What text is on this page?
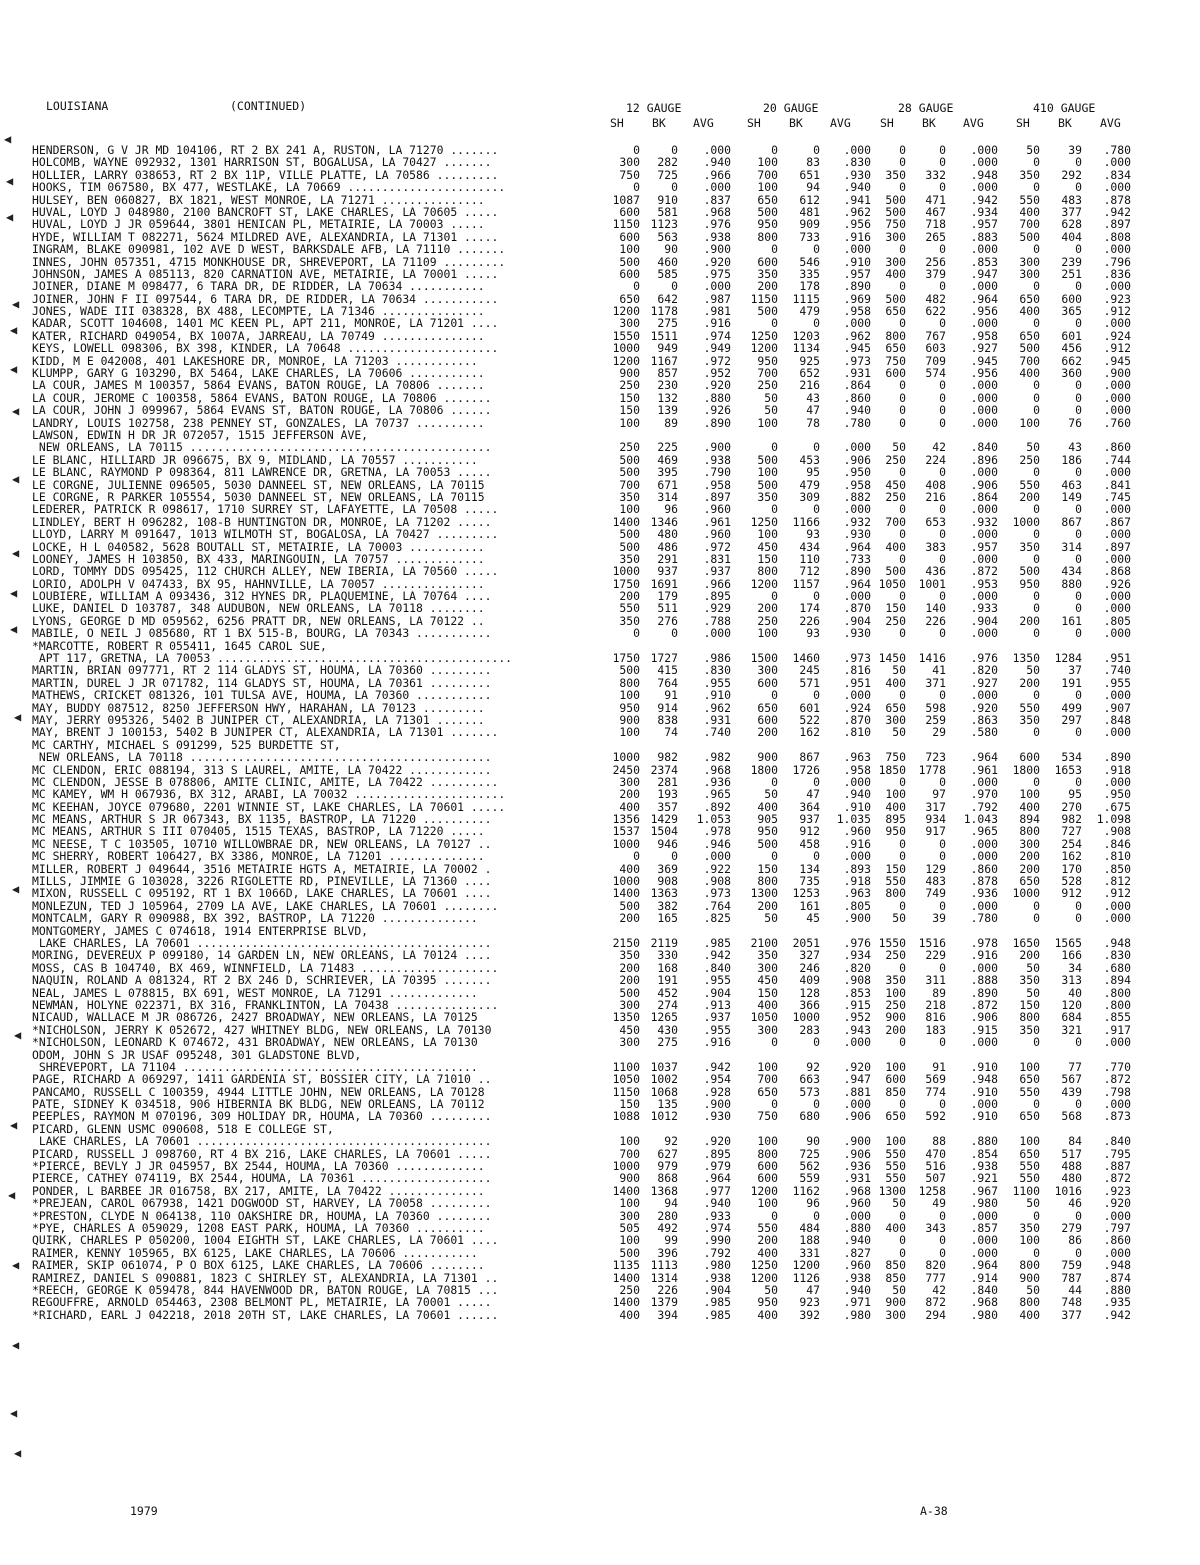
LOUISIANA	(CONTINUED)	12 GAUGE	20 GAUGE	28 GAUGE	410 GAUGE
SH BK AVG	SH BK AVG	SH BK AVG	SH BK AVG
◀
◀
◀
◀
◀
◀
◀
◀
◀
◀
◀
◀
◀
◀
◀
◀
◀
◀
◀
◀
HENDERSON, G V JR MD 104106, RT 2 BX 241 A, RUSTON, LA 71270 .......	0	0	.000	0	0	.000	0	0	.000	50	39	.780
HOLCOMB, WAYNE 092932, 1301 HARRISON ST, BOGALUSA, LA 70427 .......	300	282	.940	100	83	.830	0	0	.000	0	0	.000
HOLLIER, LARRY 038653, RT 2 BX 11P, VILLE PLATTE, LA 70586 .........	750	725	.966	700	651	.930	350	332	.948	350	292	.834
HOOKS, TIM 067580, BX 477, WESTLAKE, LA 70669 .......................	0	0	.000	100	94	.940	0	0	.000	0	0	.000
HULSEY, BEN 060827, BX 1821, WEST MONROE, LA 71271 ...............	1087	910	.837	650	612	.941	500	471	.942	550	483	.878
HUVAL, LOYD J 048980, 2100 BANCROFT ST, LAKE CHARLES, LA 70605 .....	600	581	.968	500	481	.962	500	467	.934	400	377	.942
HUVAL, LOYD J JR 059644, 3801 HENICAN PL, METAIRIE, LA 70003 .....	1150 1123	.976	950	909	.956	750	718	.957	700	628	.897
HYDE, WILLIAM T 082271, 5624 MILDRED AVE, ALEXANDRIA, LA 71301 .....	600	563	.938	800	733	.916	300	265	.883	500	404	.808
INGRAM, BLAKE 090981, 102 AVE D WEST, BARKSDALE AFB, LA 71110 .......	100	90	.900	0	0	.000	0	0	.000	0	0	.000
INNES, JOHN 057351, 4715 MONKHOUSE DR, SHREVEPORT, LA 71109 .........	500	460	.920	600	546	.910	300	256	.853	300	239	.796
JOHNSON, JAMES A 085113, 820 CARNATION AVE, METAIRIE, LA 70001 .....	600	585	.975	350	335	.957	400	379	.947	300	251	.836
JOINER, DIANE M 098477, 6 TARA DR, DE RIDDER, LA 70634 ...........	0	0	.000	200	178	.890	0	0	.000	0	0	.000
JOINER, JOHN F II 097544, 6 TARA DR, DE RIDDER, LA 70634 ...........	650	642	.987	1150	1115	.969	500	482	.964	650	600	.923
JONES, WADE III 038328, BX 488, LECOMPTE, LA 71346 ...............	1200 1178	.981	500	479	.958	650	622	.956	400	365	.912
KADAR, SCOTT 104608, 1401 MC KEEN PL, APT 211, MONROE, LA 71201 ....	300	275	.916	0	0	.000	0	0	.000	0	0	.000
KATER, RICHARD 049054, BX 1007A, JARREAU, LA 70749 ...............	1550 1511	.974	1250	1203	.962	800	767	.958	650	601	.924
KEYS, LOWELL 098306, BX 398, KINDER, LA 70648 ......................	1000	949	.949	1200	1134	.945	650	603	.927	500	456	.912
KIDD, M E 042008, 401 LAKESHORE DR, MONROE, LA 71203 ............	1200 1167	.972	950	925	.973	750	709	.945	700	662	.945
KLUMPP, GARY G 103290, BX 5464, LAKE CHARLES, LA 70606 ...........	900	857	.952	700	652	.931	600	574	.956	400	360	.900
LA COUR, JAMES M 100357, 5864 EVANS, BATON ROUGE, LA 70806 .......	250	230	.920	250	216	.864	0	0	.000	0	0	.000
LA COUR, JEROME C 100358, 5864 EVANS, BATON ROUGE, LA 70806 .......	150	132	.880	50	43	.860	0	0	.000	0	0	.000
LA COUR, JOHN J 099967, 5864 EVANS ST, BATON ROUGE, LA 70806 ......	150	139	.926	50	47	.940	0	0	.000	0	0	.000
LANDRY, LOUIS 102758, 238 PENNEY ST, GONZALES, LA 70737 ..........	100	89	.890	100	78	.780	0	0	.000	100	76	.760
LAWSON, EDWIN H DR JR 072057, 1515 JEFFERSON AVE,
NEW ORLEANS, LA 70115 ............................................	250	225	.900	0	0	.000	50	42	.840	50	43	.860
LE BLANC, HILLIARD JR 096675, BX 9, MIDLAND, LA 70557 ...........	500	469	.938	500	453	.906	250	224	.896	250	186	.744
LE BLANC, RAYMOND P 098364, 811 LAWRENCE DR, GRETNA, LA 70053 .....	500	395	.790	100	95	.950	0	0	.000	0	0	.000
LE CORGNE, JULIENNE 096505, 5030 DANNEEL ST, NEW ORLEANS, LA 70115	700	671	.958	500	479	.958	450	408	.906	550	463	.841
LE CORGNE, R PARKER 105554, 5030 DANNEEL ST, NEW ORLEANS, LA 70115	350	314	.897	350	309	.882	250	216	.864	200	149	.745
LEDERER, PATRICK R 098617, 1710 SURREY ST, LAFAYETTE, LA 70508 .....	100	96	.960	0	0	.000	0	0	.000	0	0	.000
LINDLEY, BERT H 096282, 108-B HUNTINGTON DR, MONROE, LA 71202 .....	1400 1346	.961	1250	1166	.932	700	653	.932	1000	867	.867
LLOYD, LARRY M 091647, 1013 WILMOTH ST, BOGALOSA, LA 70427 .........	500	480	.960	100	93	.930	0	0	.000	0	0	.000
LOCKE, H L 040582, 5628 BOUTALL ST, METAIRIE, LA 70003 ...........	500	486	.972	450	434	.964	400	383	.957	350	314	.897
LOONEY, JAMES H 103850, BX 433, MARINGOUIN, LA 70757 .............	350	291	.831	150	110	.733	0	0	.000	0	0	.000
LORD, TOMMY DDS 095425, 112 CHURCH ALLEY, NEW IBERIA, LA 70560 .....	1000	937	.937	800	712	.890	500	436	.872	500	434	.868
LORIO, ADOLPH V 047433, BX 95, HAHNVILLE, LA 70057 ...............	1750 1691	.966	1200	1157	.964 1050	1001	.953	950	880	.926
LOUBIERE, WILLIAM A 093436, 312 HYNES DR, PLAQUEMINE, LA 70764 ....	200	179	.895	0	0	.000	0	0	.000	0	0	.000
LUKE, DANIEL D 103787, 348 AUDUBON, NEW ORLEANS, LA 70118 ........	550	511	.929	200	174	.870	150	140	.933	0	0	.000
LYONS, GEORGE D MD 059562, 6256 PRATT DR, NEW ORLEANS, LA 70122 ..	350	276	.788	250	226	.904	250	226	.904	200	161	.805
MABILE, O NEIL J 085680, RT 1 BX 515-B, BOURG, LA 70343 ...........	0	0	.000	100	93	.930	0	0	.000	0	0	.000
*MARCOTTE, ROBERT R 055411, 1645 CAROL SUE,
APT 117, GRETNA, LA 70053 ...........................................	1750 1727	.986	1500	1460	.973 1450	1416	.976	1350	1284	.951
MARTIN, BRIAN 097771, RT 2 114 GLADYS ST, HOUMA, LA 70360 .........	500	415	.830	300	245	.816	50	41	.820	50	37	.740
MARTIN, DUREL J JR 071782, 114 GLADYS ST, HOUMA, LA 70361 .........	800	764	.955	600	571	.951	400	371	.927	200	191	.955
MATHEWS, CRICKET 081326, 101 TULSA AVE, HOUMA, LA 70360 ...........	100	91	.910	0	0	.000	0	0	.000	0	0	.000
MAY, BUDDY 087512, 8250 JEFFERSON HWY, HARAHAN, LA 70123 .........	950	914	.962	650	601	.924	650	598	.920	550	499	.907
MAY, JERRY 095326, 5402 B JUNIPER CT, ALEXANDRIA, LA 71301 .......	900	838	.931	600	522	.870	300	259	.863	350	297	.848
MAY, BRENT J 100153, 5402 B JUNIPER CT, ALEXANDRIA, LA 71301 .......	100	74	.740	200	162	.810	50	29	.580	0	0	.000
MC CARTHY, MICHAEL S 091299, 525 BURDETTE ST,
NEW ORLEANS, LA 70118 ............................................	1000	982	.982	900	867	.963	750	723	.964	600	534	.890
MC CLENDON, ERIC 088194, 313 S LAUREL, AMITE, LA 70422 ............	2450 2374	.968	1800	1726	.958 1850	1778	.961	1800	1653	.918
MC CLENDON, JESSE B 078806, AMITE CLINIC, AMITE, LA 70422 ..........	300	281	.936	0	0	.000	0	0	.000	0	0	.000
MC KAMEY, WM H 067936, BX 312, ARABI, LA 70032 ......................	200	193	.965	50	47	.940	100	97	.970	100	95	.950
MC KEEHAN, JOYCE 079680, 2201 WINNIE ST, LAKE CHARLES, LA 70601 .....	400	357	.892	400	364	.910	400	317	.792	400	270	.675
MC MEANS, ARTHUR S JR 067343, BX 1135, BASTROP, LA 71220 ..........	1356 1429	1.053	905	937	1.035	895	934	1.043	894	982	1.098
MC MEANS, ARTHUR S III 070405, 1515 TEXAS, BASTROP, LA 71220 .....	1537 1504	.978	950	912	.960	950	917	.965	800	727	.908
MC NEESE, T C 103505, 10710 WILLOWBRAE DR, NEW ORLEANS, LA 70127 ..	1000	946	.946	500	458	.916	0	0	.000	300	254	.846
MC SHERRY, ROBERT 106427, BX 3386, MONROE, LA 71201 ..............	0	0	.000	0	0	.000	0	0	.000	200	162	.810
MILLER, ROBERT J 049644, 3516 METAIRIE HGTS A, METAIRIE, LA 70002 .	400	369	.922	150	134	.893	150	129	.860	200	170	.850
MILLS, JIMMIE G 103028, 3226 RIGOLETTE RD, PINEVILLE, LA 71360 ....	1000	908	.908	800	735	.918	550	483	.878	650	528	.812
MIXON, RUSSELL C 095192, RT 1 BX 1066D, LAKE CHARLES, LA 70601 ....	1400 1363	.973	1300	1253	.963	800	749	.936	1000	912	.912
MONLEZUN, TED J 105964, 2709 LA AVE, LAKE CHARLES, LA 70601 ........	500	382	.764	200	161	.805	0	0	.000	0	0	.000
MONTCALM, GARY R 090988, BX 392, BASTROP, LA 71220 ..............	200	165	.825	50	45	.900	50	39	.780	0	0	.000
MONTGOMERY, JAMES C 074618, 1914 ENTERPRISE BLVD,
LAKE CHARLES, LA 70601 ...........................................	2150 2119	.985	2100	2051	.976 1550	1516	.978	1650	1565	.948
MORING, DEVEREUX P 099180, 14 GARDEN LN, NEW ORLEANS, LA 70124 ....	350	330	.942	350	327	.934	250	229	.916	200	166	.830
MOSS, CAS B 104740, BX 469, WINNFIELD, LA 71483 ....................	200	168	.840	300	246	.820	0	0	.000	50	34	.680
NAQUIN, ROLAND A 081324, RT 2 BX 246 D, SCHRIEVER, LA 70395 .......	200	191	.955	450	409	.908	350	311	.888	350	313	.894
NEAL, JAMES L 078815, BX 691, WEST MONROE, LA 71291 .............	500	452	.904	150	128	.853	100	89	.890	50	40	.800
NEWMAN, HOLYNE 022371, BX 316, FRANKLINTON, LA 70438 ...............	300	274	.913	400	366	.915	250	218	.872	150	120	.800
NICAUD, WALLACE M JR 086726, 2427 BROADWAY, NEW ORLEANS, LA 70125	1350 1265	.937	1050	1000	.952	900	816	.906	800	684	.855
*NICHOLSON, JERRY K 052672, 427 WHITNEY BLDG, NEW ORLEANS, LA 70130	450	430	.955	300	283	.943	200	183	.915	350	321	.917
*NICHOLSON, LEONARD K 074672, 431 BROADWAY, NEW ORLEANS, LA 70130	300	275	.916	0	0	.000	0	0	.000	0	0	.000
ODOM, JOHN S JR USAF 095248, 301 GLADSTONE BLVD,
SHREVEPORT, LA 71104 ...........................................	1100 1037	.942	100	92	.920	100	91	.910	100	77	.770
PAGE, RICHARD A 069297, 1411 GARDENIA ST, BOSSIER CITY, LA 71010 ..	1050 1002	.954	700	663	.947	600	569	.948	650	567	.872
PANCAMO, RUSSELL C 100359, 4944 LITTLE JOHN, NEW ORLEANS, LA 70128	1150 1068	.928	650	573	.881	850	774	.910	550	439	.798
PATE, SIDNEY K 034518, 906 HIBERNIA BK BLDG, NEW ORLEANS, LA 70112	150	135	.900	0	0	.000	0	0	.000	0	0	.000
PEEPLES, RAYMON M 070196, 309 HOLIDAY DR, HOUMA, LA 70360 .........	1088 1012	.930	750	680	.906	650	592	.910	650	568	.873
PICARD, GLENN USMC 090608, 518 E COLLEGE ST,
LAKE CHARLES, LA 70601 ...........................................	100	92	.920	100	90	.900	100	88	.880	100	84	.840
PICARD, RUSSELL J 098760, RT 4 BX 216, LAKE CHARLES, LA 70601 .....	700	627	.895	800	725	.906	550	470	.854	650	517	.795
*PIERCE, BEVLY J JR 045957, BX 2544, HOUMA, LA 70360 .............	1000	979	.979	600	562	.936	550	516	.938	550	488	.887
PIERCE, CATHEY 074119, BX 2544, HOUMA, LA 70361 ...................	900	868	.964	600	559	.931	550	507	.921	550	480	.872
PONDER, L BARBEE JR 016758, BX 217, AMITE, LA 70422 ..............	1400 1368	.977	1200	1162	.968 1300	1258	.967	1100	1016	.923
*PREJEAN, CAROL 067938, 1421 DOGWOOD ST, HARVEY, LA 70058 .........	100	94	.940	100	96	.960	50	49	.980	50	46	.920
*PRESTON, CLYDE N 064138, 110 OAKSHIRE DR, HOUMA, LA 70360 ........	300	280	.933	0	0	.000	0	0	.000	0	0	.000
*PYE, CHARLES A 059029, 1208 EAST PARK, HOUMA, LA 70360 ..........	505	492	.974	550	484	.880	400	343	.857	350	279	.797
QUIRK, CHARLES P 050200, 1004 EIGHTH ST, LAKE CHARLES, LA 70601 ....	100	99	.990	200	188	.940	0	0	.000	100	86	.860
RAIMER, KENNY 105965, BX 6125, LAKE CHARLES, LA 70606 ...........	500	396	.792	400	331	.827	0	0	.000	0	0	.000
RAIMER, SKIP 061074, P O BOX 6125, LAKE CHARLES, LA 70606 ........	1135 1113	.980	1250	1200	.960	850	820	.964	800	759	.948
RAMIREZ, DANIEL S 090881, 1823 C SHIRLEY ST, ALEXANDRIA, LA 71301 ..	1400 1314	.938	1200	1126	.938	850	777	.914	900	787	.874
*REECH, GEORGE K 059478, 844 HAVENWOOD DR, BATON ROUGE, LA 70815 ...	250	226	.904	50	47	.940	50	42	.840	50	44	.880
REGOUFFRE, ARNOLD 054463, 2308 BELMONT PL, METAIRIE, LA 70001 .....	1400 1379	.985	950	923	.971	900	872	.968	800	748	.935
*RICHARD, EARL J 042218, 2018 20TH ST, LAKE CHARLES, LA 70601 ......	400	394	.985	400	392	.980	300	294	.980	400	377	.942
1979	A-38
